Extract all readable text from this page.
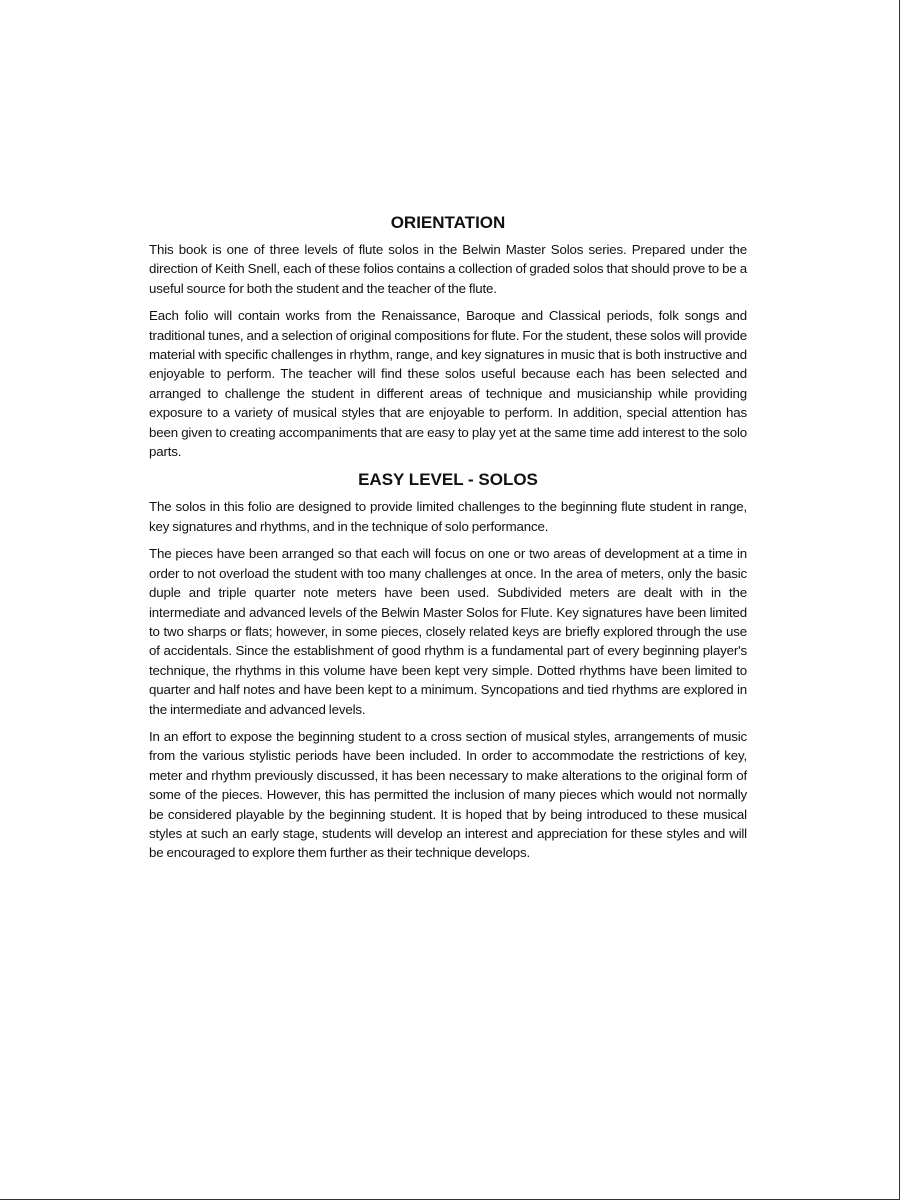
ORIENTATION

This book is one of three levels of flute solos in the Belwin Master Solos series. Prepared under the direction of Keith Snell, each of these folios contains a collection of graded solos that should prove to be a useful source for both the student and the teacher of the flute.

Each folio will contain works from the Renaissance, Baroque and Classical periods, folk songs and traditional tunes, and a selection of original compositions for flute. For the student, these solos will provide material with specific challenges in rhythm, range, and key signatures in music that is both instructive and enjoyable to perform. The teacher will find these solos useful because each has been selected and arranged to challenge the student in different areas of technique and musicianship while providing exposure to a variety of musical styles that are enjoyable to perform. In addition, special attention has been given to creating accompaniments that are easy to play yet at the same time add interest to the solo parts.

EASY LEVEL - SOLOS

The solos in this folio are designed to provide limited challenges to the beginning flute student in range, key signatures and rhythms, and in the technique of solo performance.

The pieces have been arranged so that each will focus on one or two areas of development at a time in order to not overload the student with too many challenges at once. In the area of meters, only the basic duple and triple quarter note meters have been used. Subdivided meters are dealt with in the intermediate and advanced levels of the Belwin Master Solos for Flute. Key signatures have been limited to two sharps or flats; however, in some pieces, closely related keys are briefly explored through the use of accidentals. Since the establishment of good rhythm is a fundamental part of every beginning player's technique, the rhythms in this volume have been kept very simple. Dotted rhythms have been limited to quarter and half notes and have been kept to a minimum. Syncopations and tied rhythms are explored in the intermediate and advanced levels.

In an effort to expose the beginning student to a cross section of musical styles, arrangements of music from the various stylistic periods have been included. In order to accommodate the restrictions of key, meter and rhythm previously discussed, it has been necessary to make alterations to the original form of some of the pieces. However, this has permitted the inclusion of many pieces which would not normally be considered playable by the beginning student. It is hoped that by being introduced to these musical styles at such an early stage, students will develop an interest and appreciation for these styles and will be encouraged to explore them further as their technique develops.
